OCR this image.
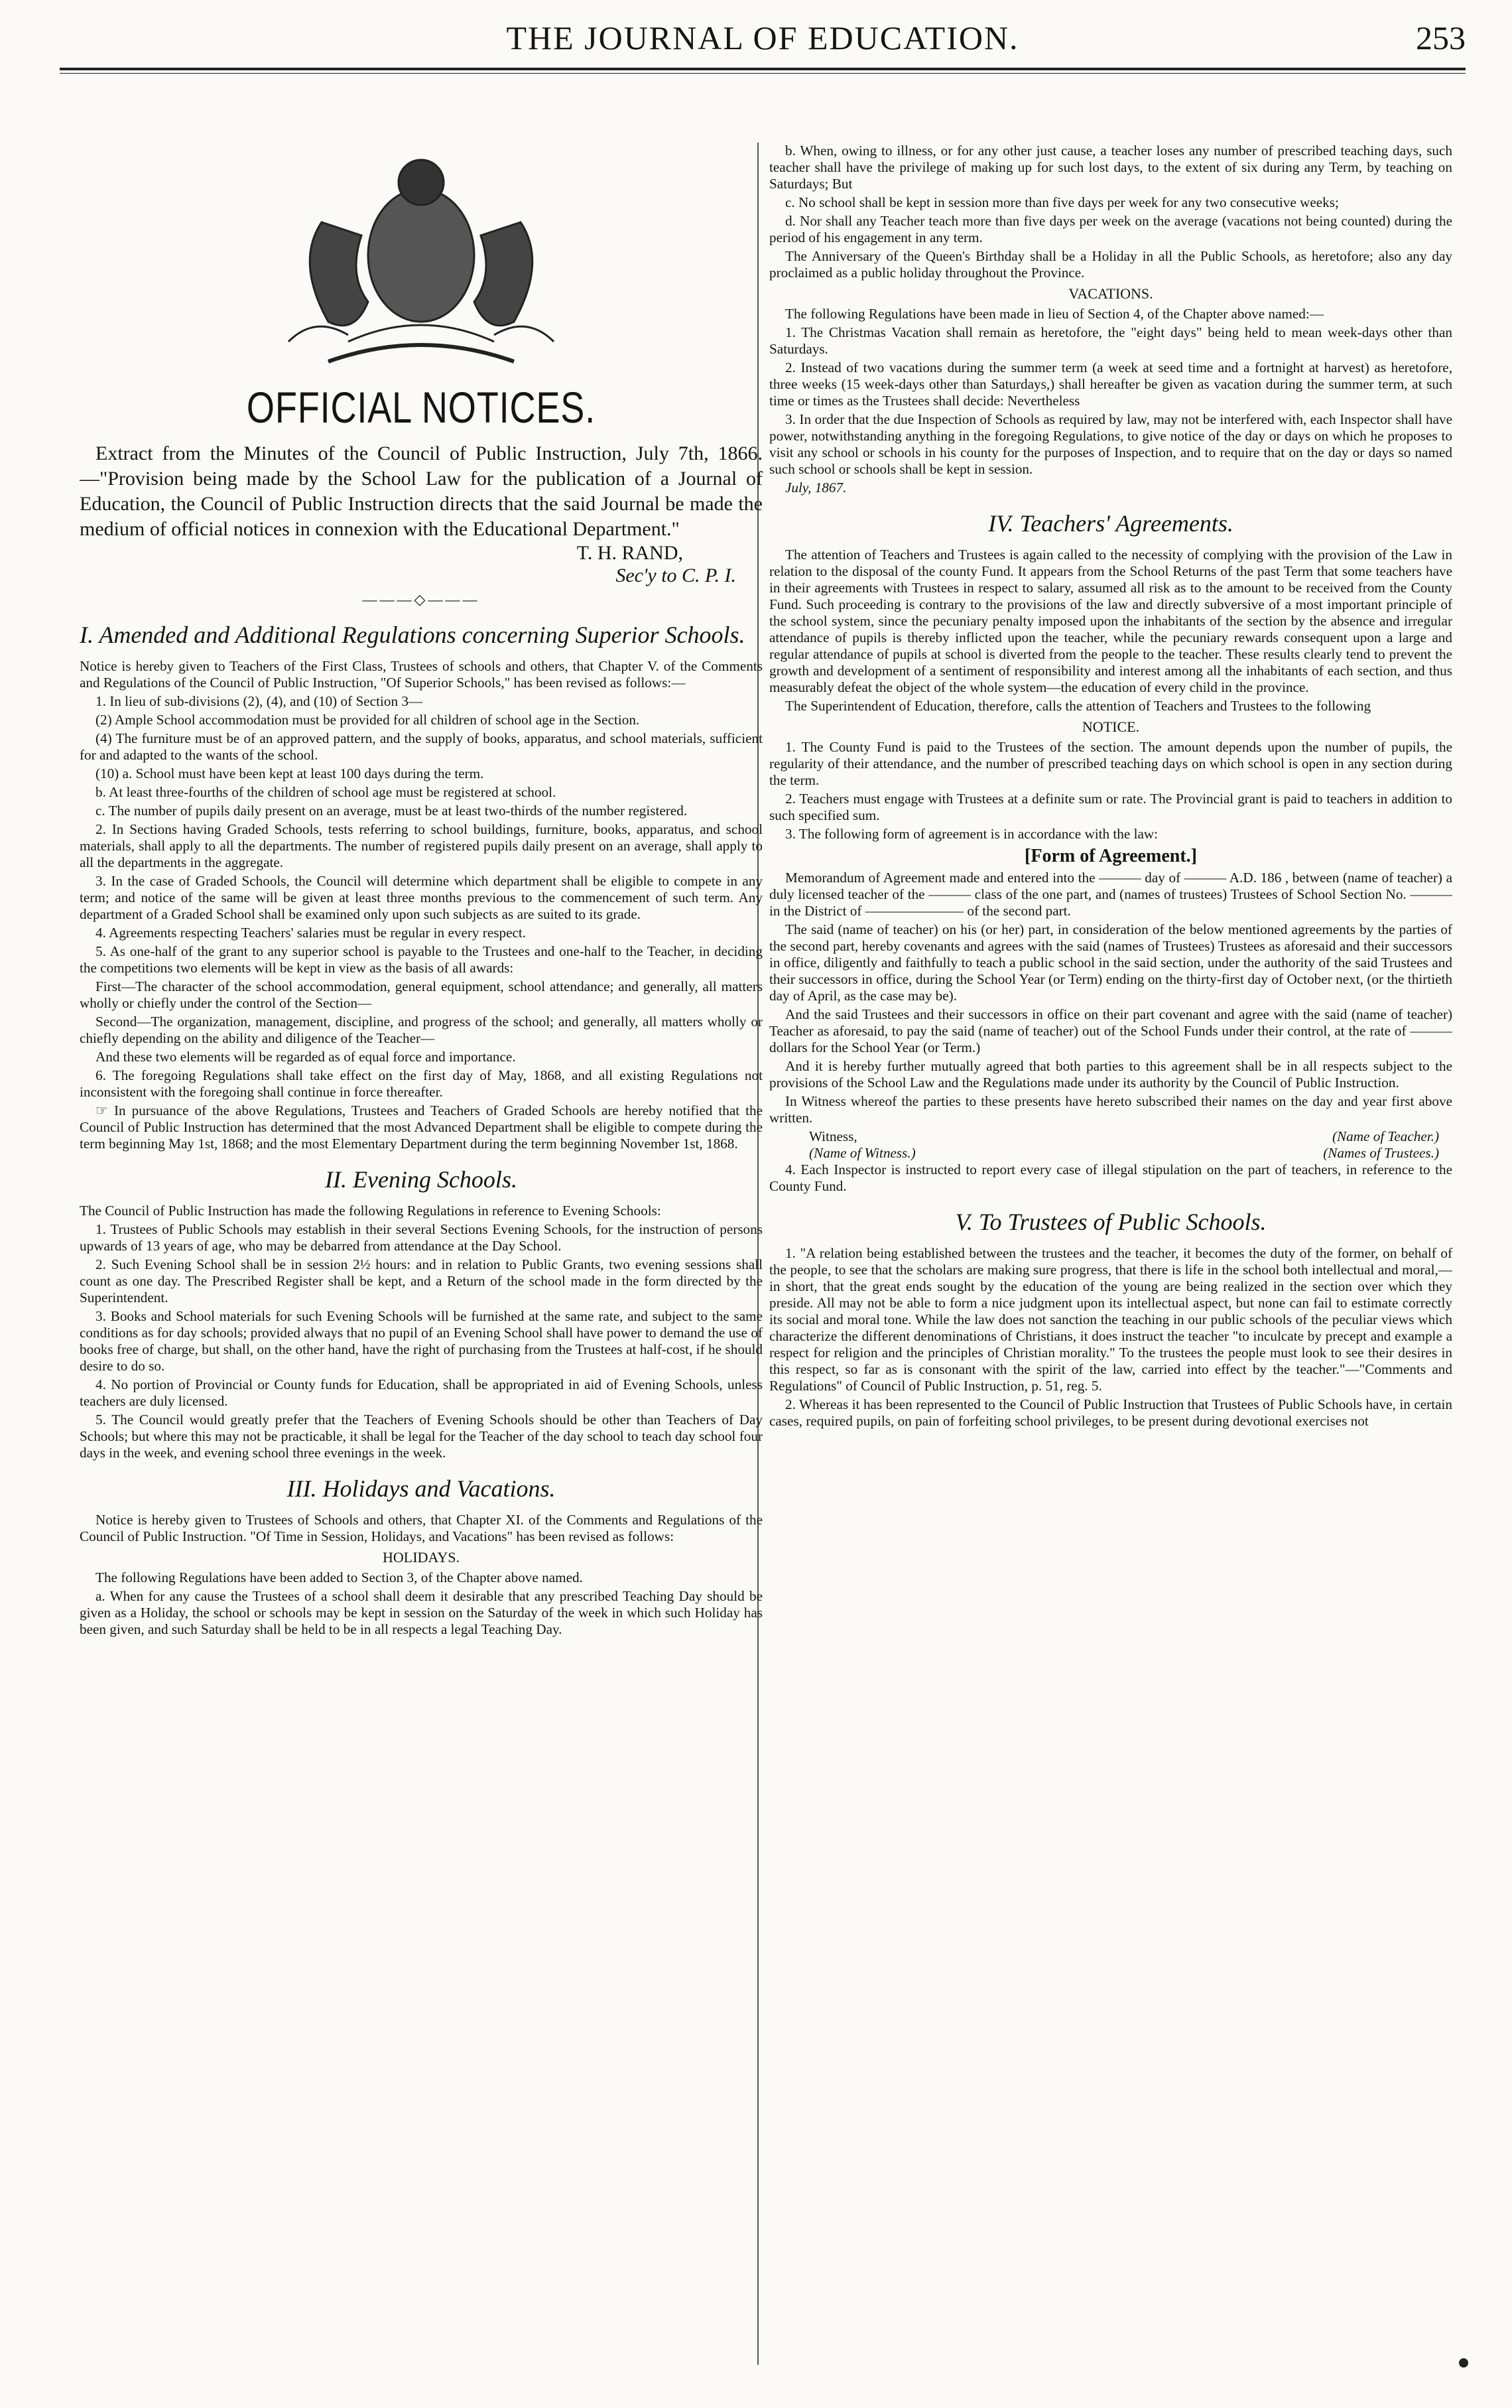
THE JOURNAL OF EDUCATION.	253
OFFICIAL NOTICES.

Extract from the Minutes of the Council of Public Instruction, July 7th, 1866.—"Provision being made by the School Law for the publication of a Journal of Education, the Council of Public Instruction directs that the said Journal be made the medium of official notices in connexion with the Educational Department."

T. H. RAND,
Sec'y to C. P. I.
———◇———
I. Amended and Additional Regulations concerning Superior Schools.

Notice is hereby given to Teachers of the First Class, Trustees of schools and others, that Chapter V. of the Comments and Regulations of the Council of Public Instruction, "Of Superior Schools," has been revised as follows:—

1. In lieu of sub-divisions (2), (4), and (10) of Section 3—

(2) Ample School accommodation must be provided for all children of school age in the Section.

(4) The furniture must be of an approved pattern, and the supply of books, apparatus, and school materials, sufficient for and adapted to the wants of the school.

(10) a. School must have been kept at least 100 days during the term.

b. At least three-fourths of the children of school age must be registered at school.

c. The number of pupils daily present on an average, must be at least two-thirds of the number registered.

2. In Sections having Graded Schools, tests referring to school buildings, furniture, books, apparatus, and school materials, shall apply to all the departments. The number of registered pupils daily present on an average, shall apply to all the departments in the aggregate.

3. In the case of Graded Schools, the Council will determine which department shall be eligible to compete in any term; and notice of the same will be given at least three months previous to the commencement of such term. Any department of a Graded School shall be examined only upon such subjects as are suited to its grade.

4. Agreements respecting Teachers' salaries must be regular in every respect.

5. As one-half of the grant to any superior school is payable to the Trustees and one-half to the Teacher, in deciding the competitions two elements will be kept in view as the basis of all awards:

First—The character of the school accommodation, general equipment, school attendance; and generally, all matters wholly or chiefly under the control of the Section—

Second—The organization, management, discipline, and progress of the school; and generally, all matters wholly or chiefly depending on the ability and diligence of the Teacher—

And these two elements will be regarded as of equal force and importance.

6. The foregoing Regulations shall take effect on the first day of May, 1868, and all existing Regulations not inconsistent with the foregoing shall continue in force thereafter.

☞ In pursuance of the above Regulations, Trustees and Teachers of Graded Schools are hereby notified that the Council of Public Instruction has determined that the most Advanced Department shall be eligible to compete during the term beginning May 1st, 1868; and the most Elementary Department during the term beginning November 1st, 1868.

II. Evening Schools.

The Council of Public Instruction has made the following Regulations in reference to Evening Schools:

1. Trustees of Public Schools may establish in their several Sections Evening Schools, for the instruction of persons upwards of 13 years of age, who may be debarred from attendance at the Day School.

2. Such Evening School shall be in session 2½ hours: and in relation to Public Grants, two evening sessions shall count as one day. The Prescribed Register shall be kept, and a Return of the school made in the form directed by the Superintendent.

3. Books and School materials for such Evening Schools will be furnished at the same rate, and subject to the same conditions as for day schools; provided always that no pupil of an Evening School shall have power to demand the use of books free of charge, but shall, on the other hand, have the right of purchasing from the Trustees at half-cost, if he should desire to do so.

4. No portion of Provincial or County funds for Education, shall be appropriated in aid of Evening Schools, unless teachers are duly licensed.

5. The Council would greatly prefer that the Teachers of Evening Schools should be other than Teachers of Day Schools; but where this may not be practicable, it shall be legal for the Teacher of the day school to teach day school four days in the week, and evening school three evenings in the week.

III. Holidays and Vacations.

Notice is hereby given to Trustees of Schools and others, that Chapter XI. of the Comments and Regulations of the Council of Public Instruction. "Of Time in Session, Holidays, and Vacations" has been revised as follows:

HOLIDAYS.

The following Regulations have been added to Section 3, of the Chapter above named.

a. When for any cause the Trustees of a school shall deem it desirable that any prescribed Teaching Day should be given as a Holiday, the school or schools may be kept in session on the Saturday of the week in which such Holiday has been given, and such Saturday shall be held to be in all respects a legal Teaching Day.

b. When, owing to illness, or for any other just cause, a teacher loses any number of prescribed teaching days, such teacher shall have the privilege of making up for such lost days, to the extent of six during any Term, by teaching on Saturdays; But

c. No school shall be kept in session more than five days per week for any two consecutive weeks;

d. Nor shall any Teacher teach more than five days per week on the average (vacations not being counted) during the period of his engagement in any term.

The Anniversary of the Queen's Birthday shall be a Holiday in all the Public Schools, as heretofore; also any day proclaimed as a public holiday throughout the Province.

VACATIONS.

The following Regulations have been made in lieu of Section 4, of the Chapter above named:—

1. The Christmas Vacation shall remain as heretofore, the "eight days" being held to mean week-days other than Saturdays.

2. Instead of two vacations during the summer term (a week at seed time and a fortnight at harvest) as heretofore, three weeks (15 week-days other than Saturdays,) shall hereafter be given as vacation during the summer term, at such time or times as the Trustees shall decide: Nevertheless

3. In order that the due Inspection of Schools as required by law, may not be interfered with, each Inspector shall have power, notwithstanding anything in the foregoing Regulations, to give notice of the day or days on which he proposes to visit any school or schools in his county for the purposes of Inspection, and to require that on the day or days so named such school or schools shall be kept in session.

July, 1867.

IV. Teachers' Agreements.

The attention of Teachers and Trustees is again called to the necessity of complying with the provision of the Law in relation to the disposal of the county Fund. It appears from the School Returns of the past Term that some teachers have in their agreements with Trustees in respect to salary, assumed all risk as to the amount to be received from the County Fund. Such proceeding is contrary to the provisions of the law and directly subversive of a most important principle of the school system, since the pecuniary penalty imposed upon the inhabitants of the section by the absence and irregular attendance of pupils is thereby inflicted upon the teacher, while the pecuniary rewards consequent upon a large and regular attendance of pupils at school is diverted from the people to the teacher. These results clearly tend to prevent the growth and development of a sentiment of responsibility and interest among all the inhabitants of each section, and thus measurably defeat the object of the whole system—the education of every child in the province.

The Superintendent of Education, therefore, calls the attention of Teachers and Trustees to the following

NOTICE.

1. The County Fund is paid to the Trustees of the section. The amount depends upon the number of pupils, the regularity of their attendance, and the number of prescribed teaching days on which school is open in any section during the term.

2. Teachers must engage with Trustees at a definite sum or rate. The Provincial grant is paid to teachers in addition to such specified sum.

3. The following form of agreement is in accordance with the law:

[Form of Agreement.]

Memorandum of Agreement made and entered into the ——— day of ——— A.D. 186 , between (name of teacher) a duly licensed teacher of the ——— class of the one part, and (names of trustees) Trustees of School Section No. ——— in the District of ——————— of the second part.

The said (name of teacher) on his (or her) part, in consideration of the below mentioned agreements by the parties of the second part, hereby covenants and agrees with the said (names of Trustees) Trustees as aforesaid and their successors in office, diligently and faithfully to teach a public school in the said section, under the authority of the said Trustees and their successors in office, during the School Year (or Term) ending on the thirty-first day of October next, (or the thirtieth day of April, as the case may be).

And the said Trustees and their successors in office on their part covenant and agree with the said (name of teacher) Teacher as aforesaid, to pay the said (name of teacher) out of the School Funds under their control, at the rate of ——— dollars for the School Year (or Term.)

And it is hereby further mutually agreed that both parties to this agreement shall be in all respects subject to the provisions of the School Law and the Regulations made under its authority by the Council of Public Instruction.

In Witness whereof the parties to these presents have hereto subscribed their names on the day and year first above written.

Witness,	(Name of Teacher.)
(Name of Witness.)	(Names of Trustees.)

4. Each Inspector is instructed to report every case of illegal stipulation on the part of teachers, in reference to the County Fund.

V. To Trustees of Public Schools.

1. "A relation being established between the trustees and the teacher, it becomes the duty of the former, on behalf of the people, to see that the scholars are making sure progress, that there is life in the school both intellectual and moral,—in short, that the great ends sought by the education of the young are being realized in the section over which they preside. All may not be able to form a nice judgment upon its intellectual aspect, but none can fail to estimate correctly its social and moral tone. While the law does not sanction the teaching in our public schools of the peculiar views which characterize the different denominations of Christians, it does instruct the teacher "to inculcate by precept and example a respect for religion and the principles of Christian morality." To the trustees the people must look to see their desires in this respect, so far as is consonant with the spirit of the law, carried into effect by the teacher."—"Comments and Regulations" of Council of Public Instruction, p. 51, reg. 5.

2. Whereas it has been represented to the Council of Public Instruction that Trustees of Public Schools have, in certain cases, required pupils, on pain of forfeiting school privileges, to be present during devotional exercises not
